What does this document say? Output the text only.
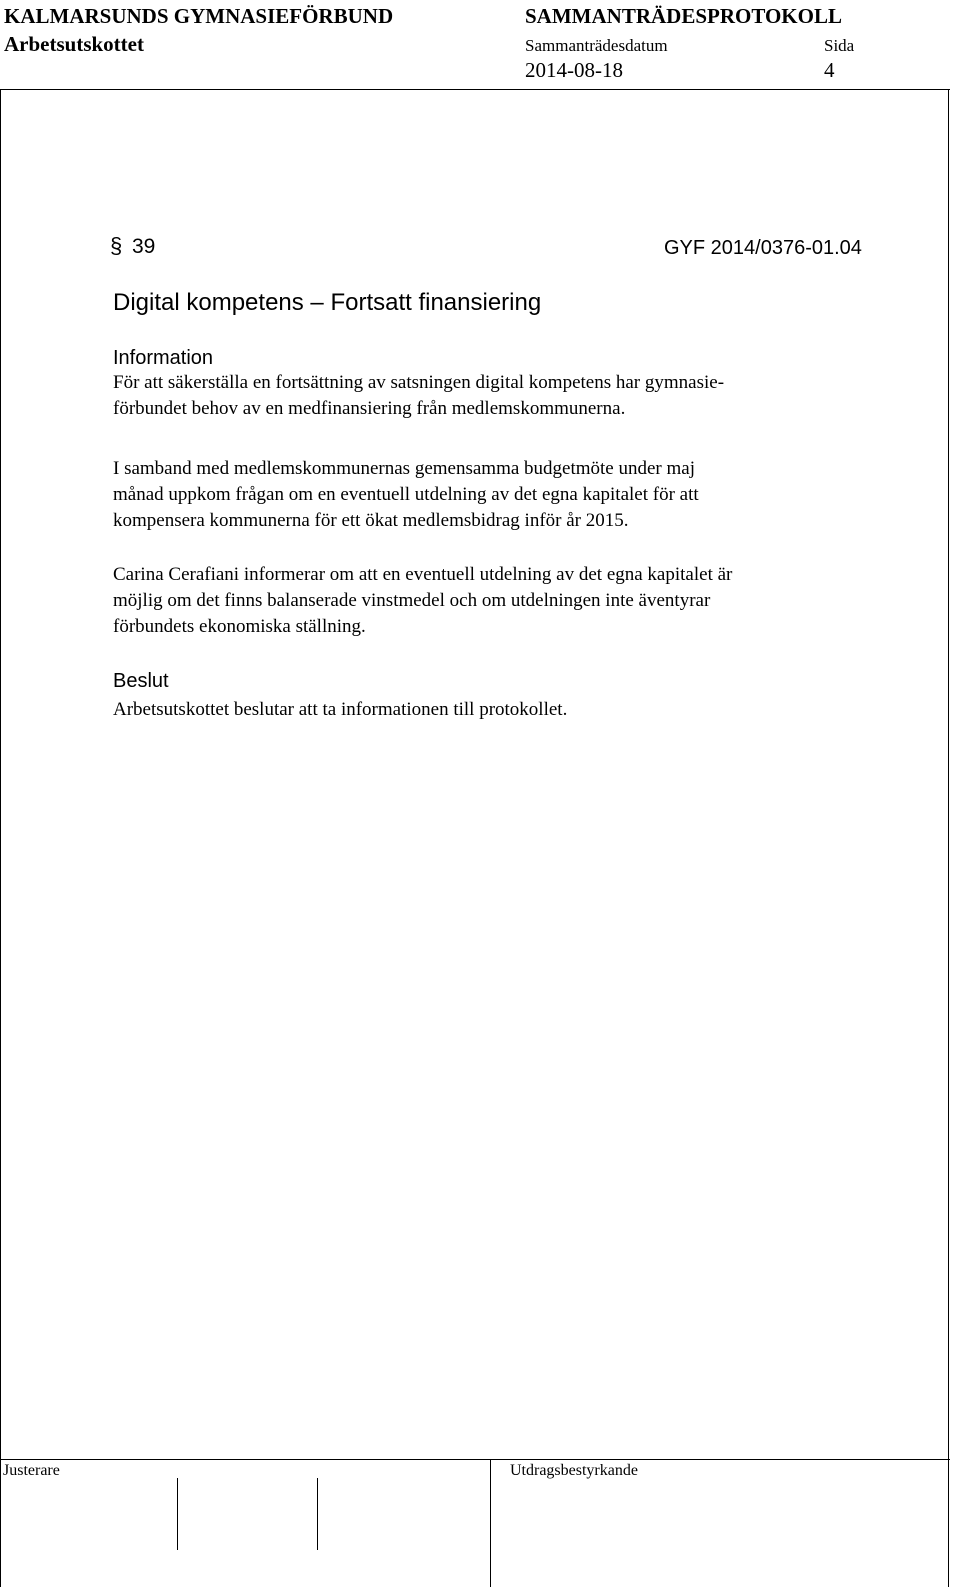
KALMARSUNDS GYMNASIEFÖRBUND	SAMMANTRÄDESPROTOKOLL
Arbetsutskottet	Sammanträdesdatum	Sida
2014-08-18	4
§ 39	GYF 2014/0376-01.04
Digital kompetens – Fortsatt finansiering
Information
För att säkerställa en fortsättning av satsningen digital kompetens har gymnasie-
förbundet behov av en medfinansiering från medlemskommunerna.
I samband med medlemskommunernas gemensamma budgetmöte under maj
månad uppkom frågan om en eventuell utdelning av det egna kapitalet för att
kompensera kommunerna för ett ökat medlemsbidrag inför år 2015.
Carina Cerafiani informerar om att en eventuell utdelning av det egna kapitalet är
möjlig om det finns balanserade vinstmedel och om utdelningen inte äventyrar
förbundets ekonomiska ställning.
Beslut
Arbetsutskottet beslutar att ta informationen till protokollet.
Justerare	Utdragsbestyrkande
